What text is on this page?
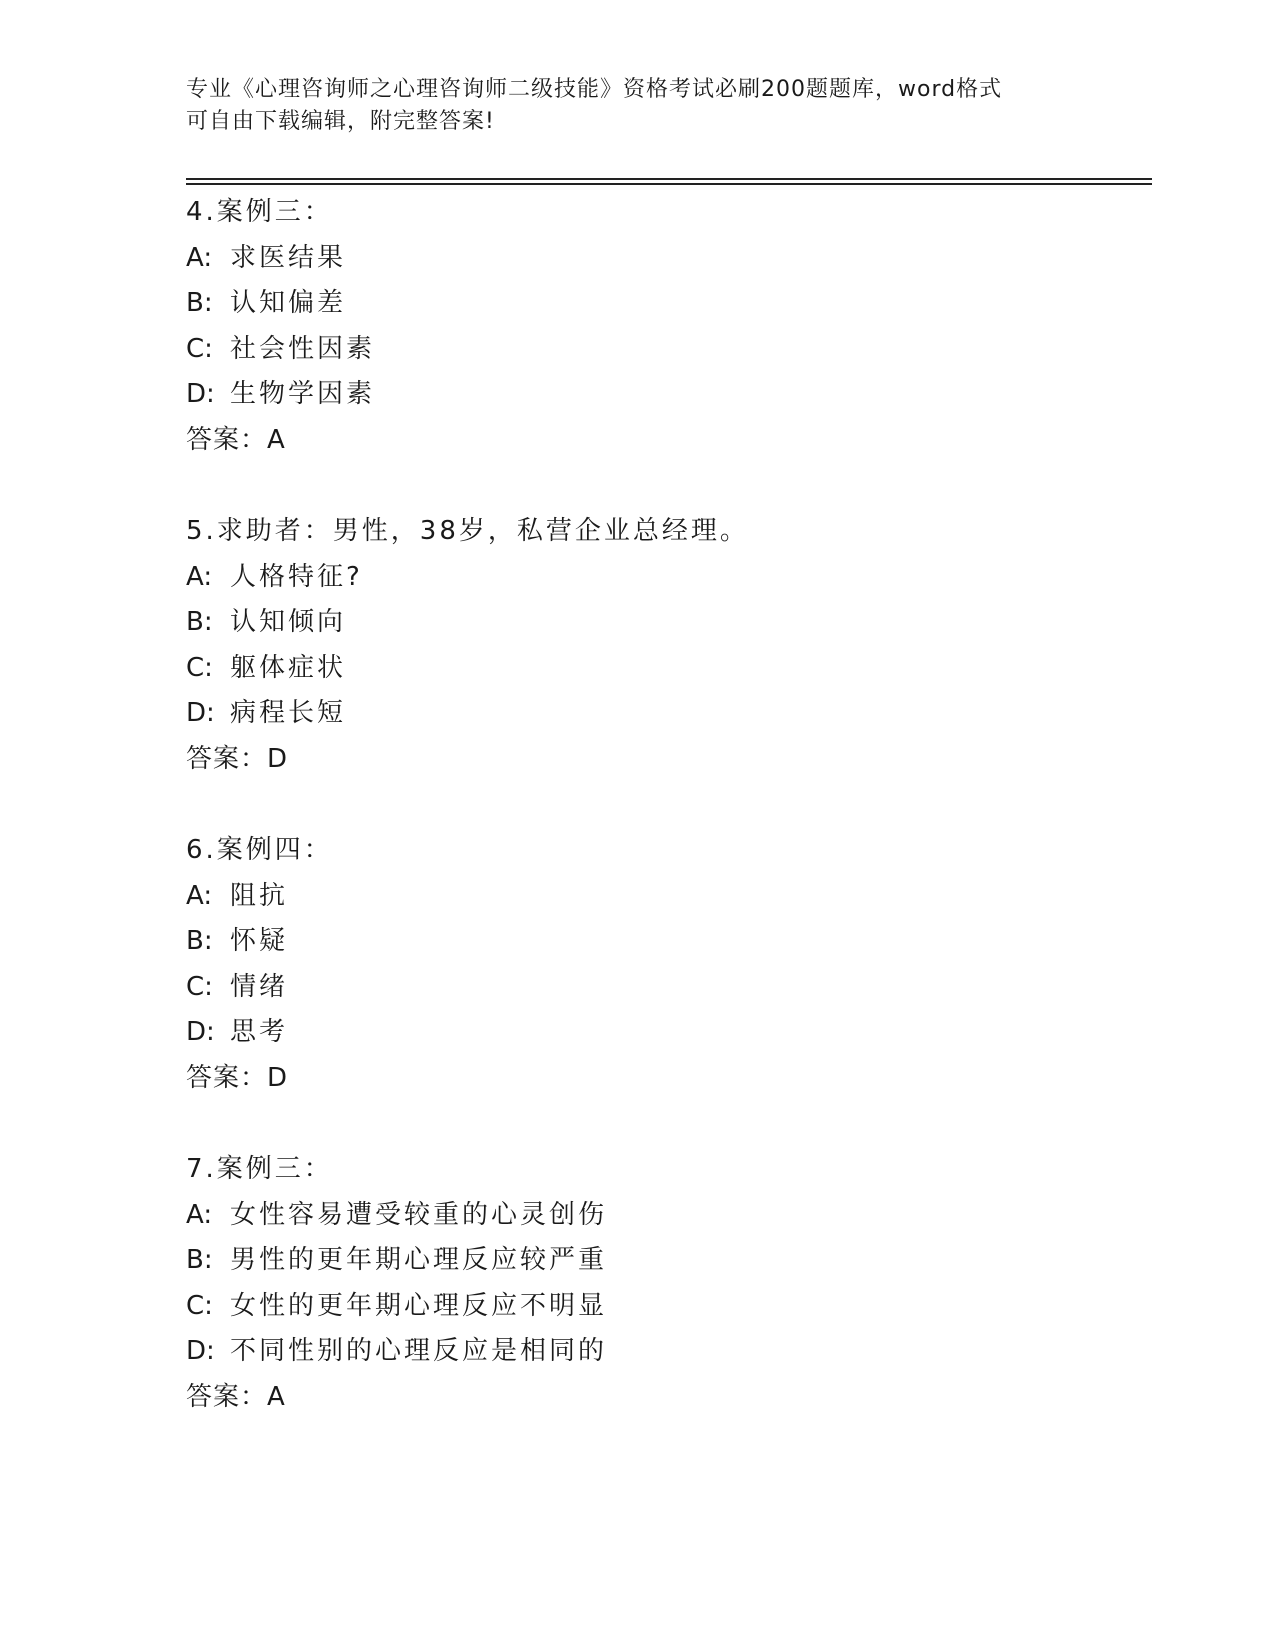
专业《心理咨询师之心理咨询师二级技能》资格考试必刷200题题库，word格式
可自由下载编辑，附完整答案!
4.案例三：
A: 求医结果
B: 认知偏差
C: 社会性因素
D: 生物学因素
答案：A
5.求助者：男性，38岁，私营企业总经理。
A: 人格特征?
B: 认知倾向
C: 躯体症状
D: 病程长短
答案：D
6.案例四：
A: 阻抗
B: 怀疑
C: 情绪
D: 思考
答案：D
7.案例三：
A: 女性容易遭受较重的心灵创伤
B: 男性的更年期心理反应较严重
C: 女性的更年期心理反应不明显
D: 不同性别的心理反应是相同的
答案：A
